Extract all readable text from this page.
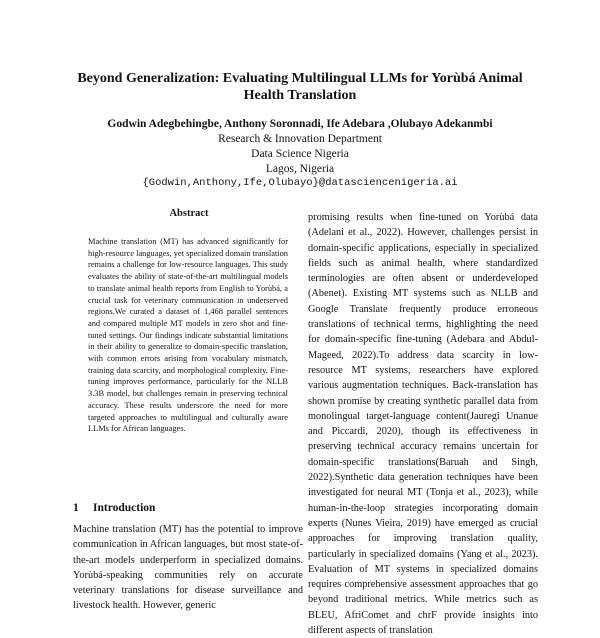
Beyond Generalization: Evaluating Multilingual LLMs for Yorùbá Animal Health Translation
Godwin Adegbehingbe, Anthony Soronnadi, Ife Adebara ,Olubayo Adekanmbi
Research & Innovation Department
Data Science Nigeria
Lagos, Nigeria
{Godwin,Anthony,Ife,Olubayo}@datasciencenigeria.ai
Abstract
Machine translation (MT) has advanced significantly for high-resource languages, yet specialized domain translation remains a challenge for low-resource languages. This study evaluates the ability of state-of-the-art multilingual models to translate animal health reports from English to Yorùbá, a crucial task for veterinary communication in underserved regions.We curated a dataset of 1,468 parallel sentences and compared multiple MT models in zero shot and fine-tuned settings. Our findings indicate substantial limitations in their ability to generalize to domain-specific translation, with common errors arising from vocabulary mismatch, training data scarcity, and morphological complexity. Fine-tuning improves performance, particularly for the NLLB 3.3B model, but challenges remain in preserving technical accuracy. These results underscore the need for more targeted approaches to multilingual and culturally aware LLMs for African languages.
1 Introduction
Machine translation (MT) has the potential to improve communication in African languages, but most state-of-the-art models underperform in specialized domains. Yorùbá-speaking communities rely on accurate veterinary translations for disease surveillance and livestock health. However, generic
promising results when fine-tuned on Yorùbá data (Adelani et al., 2022). However, challenges persist in domain-specific applications, especially in specialized fields such as animal health, where standardized terminologies are often absent or underdeveloped (Abenet). Existing MT systems such as NLLB and Google Translate frequently produce erroneous translations of technical terms, highlighting the need for domain-specific fine-tuning (Adebara and Abdul-Mageed, 2022).To address data scarcity in low-resource MT systems, researchers have explored various augmentation techniques. Back-translation has shown promise by creating synthetic parallel data from monolingual target-language content(Jauregi Unanue and Piccardi, 2020), though its effectiveness in preserving technical accuracy remains uncertain for domain-specific translations(Baruah and Singh, 2022).Synthetic data generation techniques have been investigated for neural MT (Tonja et al., 2023), while human-in-the-loop strategies incorporating domain experts (Nunes Vieira, 2019) have emerged as crucial approaches for improving translation quality, particularly in specialized domains (Yang et al., 2023). Evaluation of MT systems in specialized domains requires comprehensive assessment approaches that go beyond traditional metrics. While metrics such as BLEU, AfriComet and chrF provide insights into different aspects of translation
